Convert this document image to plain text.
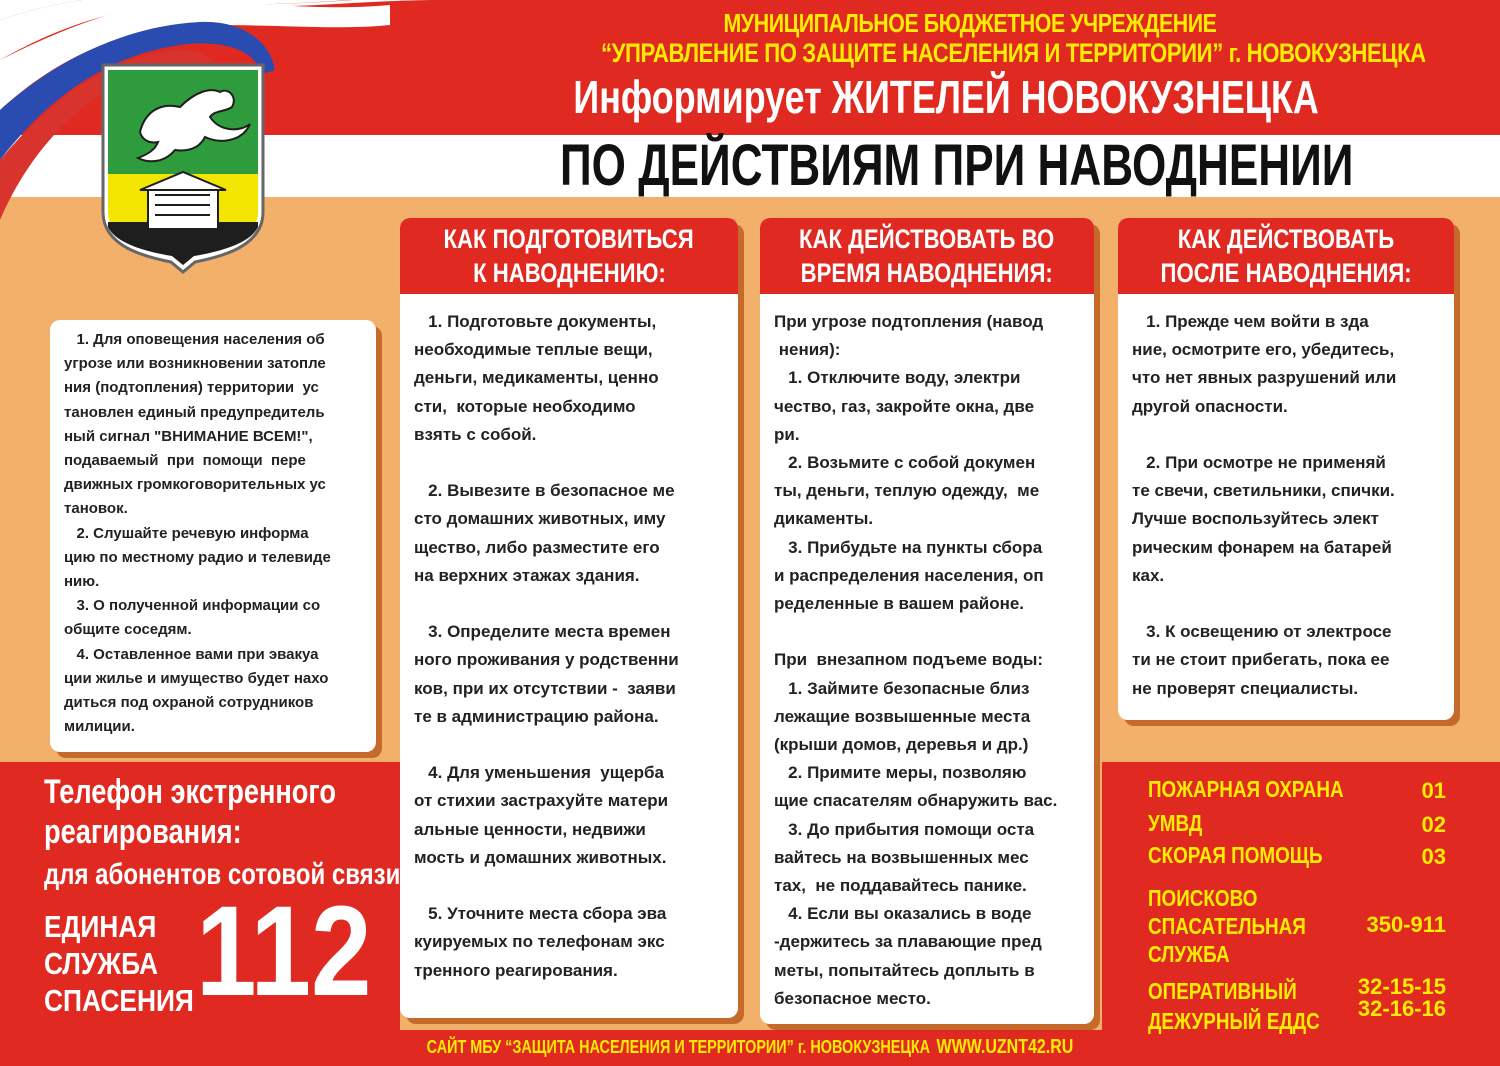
МУНИЦИПАЛЬНОЕ БЮДЖЕТНОЕ УЧРЕЖДЕНИЕ
“УПРАВЛЕНИЕ ПО ЗАЩИТЕ НАСЕЛЕНИЯ И ТЕРРИТОРИИ” г. НОВОКУЗНЕЦКА
Информирует ЖИТЕЛЕЙ НОВОКУЗНЕЦКА
ПО ДЕЙСТВИЯМ ПРИ НАВОДНЕНИИ
1. Для оповещения населения об
угрозе или возникновении затопле
ния (подтопления) территории  ус
тановлен единый предупредитель
ный сигнал "ВНИМАНИЕ ВСЕМ!",
подаваемый  при  помощи  пере
движных громкоговорительных ус
тановок.
2. Слушайте речевую информа
цию по местному радио и телевиде
нию.
3. О полученной информации со
общите соседям.
4. Оставленное вами при эвакуа
ции жилье и имущество будет нахо
диться под охраной сотрудников
милиции.
КАК ПОДГОТОВИТЬСЯ
К НАВОДНЕНИЮ:
1. Подготовьте документы,
необходимые теплые вещи,
деньги, медикаменты, ценно
сти,  которые необходимо
взять с собой.

2. Вывезите в безопасное ме
сто домашних животных, иму
щество, либо разместите его
на верхних этажах здания.

3. Определите места времен
ного проживания у родственни
ков, при их отсутствии -  заяви
те в администрацию района.

4. Для уменьшения  ущерба
от стихии застрахуйте матери
альные ценности, недвижи
мость и домашних животных.

5. Уточните места сбора эва
куируемых по телефонам экс
тренного реагирования.
КАК ДЕЙСТВОВАТЬ ВО
ВРЕМЯ НАВОДНЕНИЯ:
При угрозе подтопления (навод
нения):
1. Отключите воду, электри
чество, газ, закройте окна, две
ри.
2. Возьмите с собой докумен
ты, деньги, теплую одежду,  ме
дикаменты.
3. Прибудьте на пункты сбора
и распределения населения, оп
ределенные в вашем районе.

При  внезапном подъеме воды:
1. Займите безопасные близ
лежащие возвышенные места
(крыши домов, деревья и др.)
2. Примите меры, позволяю
щие спасателям обнаружить вас.
3. До прибытия помощи оста
вайтесь на возвышенных мес
тах,  не поддавайтесь панике.
4. Если вы оказались в воде
-держитесь за плавающие пред
меты, попытайтесь доплыть в
безопасное место.
КАК ДЕЙСТВОВАТЬ
ПОСЛЕ НАВОДНЕНИЯ:
1. Прежде чем войти в зда
ние, осмотрите его, убедитесь,
что нет явных разрушений или
другой опасности.

2. При осмотре не применяй
те свечи, светильники, спички.
Лучше воспользуйтесь элект
рическим фонарем на батарей
ках.

3. К освещению от электросе
ти не стоит прибегать, пока ее
не проверят специалисты.
Телефон экстренного
реагирования:
для абонентов сотовой связи
ЕДИНАЯ
СЛУЖБА
СПАСЕНИЯ 112
ПОЖАРНАЯ ОХРАНА	01
УМВД	02
СКОРАЯ ПОМОЩЬ	03
ПОИСКОВО
СПАСАТЕЛЬНАЯ
СЛУЖБА
350-911
ОПЕРАТИВНЫЙ
ДЕЖУРНЫЙ ЕДДС
32-15-15
32-16-16
САЙТ МБУ “ЗАЩИТА НАСЕЛЕНИЯ И ТЕРРИТОРИИ” г. НОВОКУЗНЕЦКА WWW.UZNT42.RU
